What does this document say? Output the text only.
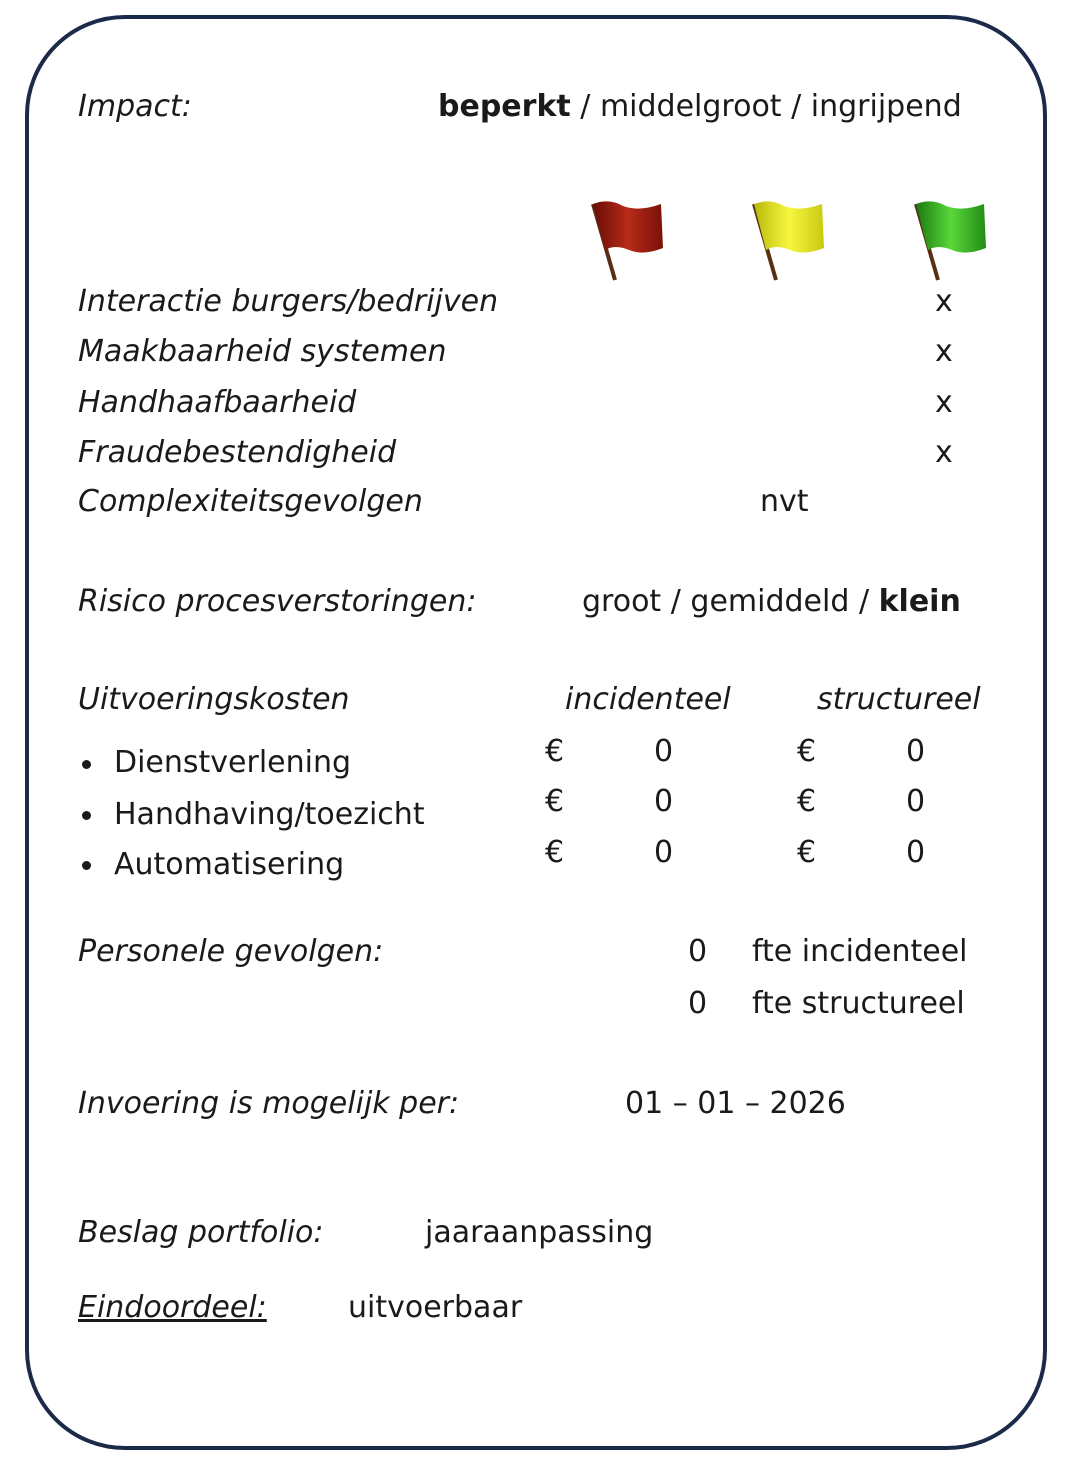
Impact:	beperkt / middelgroot / ingrijpend
Interactie burgers/bedrijven	x
Maakbaarheid systemen	x
Handhaafbaarheid	x
Fraudebestendigheid	x
Complexiteitsgevolgen	nvt
Risico procesverstoringen:	groot / gemiddeld / klein
Uitvoeringskosten	incidenteel	structureel
Dienstverlening	€	0	€	0
Handhaving/toezicht	€	0	€	0
Automatisering	€	0	€	0
Personele gevolgen:	0 fte incidenteel
0 fte structureel
Invoering is mogelijk per:	01 – 01 – 2026
Beslag portfolio:	jaaraanpassing
Eindoordeel:	uitvoerbaar
